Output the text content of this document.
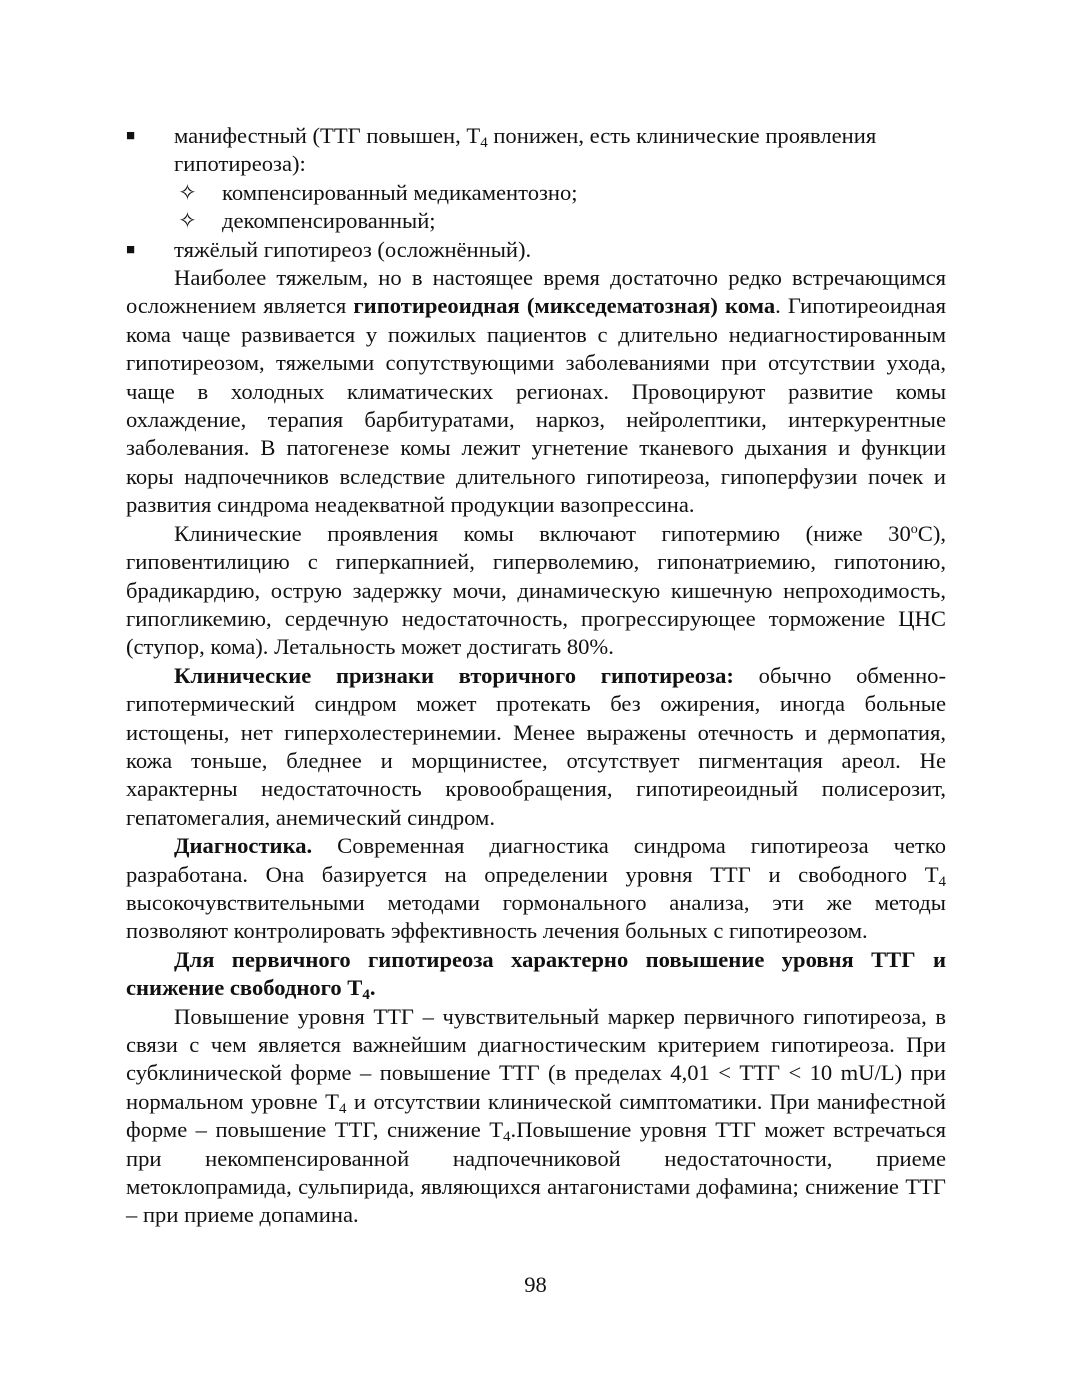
■	манифестный (ТТГ повышен, $Т_4$ понижен, есть клинические проявления гипотиреоза):
✧	компенсированный медикаментозно;
✧	декомпенсированный;
■	тяжёлый гипотиреоз (осложнённый).

Наиболее тяжелым, но в настоящее время достаточно редко встречающимся осложнением является гипотиреоидная (микседематозная) кома. Гипотиреоидная кома чаще развивается у пожилых пациентов с длительно недиагностированным гипотиреозом, тяжелыми сопутствующими заболеваниями при отсутствии ухода, чаще в холодных климатических регионах. Провоцируют развитие комы охлаждение, терапия барбитуратами, наркоз, нейролептики, интеркурентные заболевания. В патогенезе комы лежит угнетение тканевого дыхания и функции коры надпочечников вследствие длительного гипотиреоза, гипоперфузии почек и развития синдрома неадекватной продукции вазопрессина.

Клинические проявления комы включают гипотермию (ниже 30$^o$С), гиповентилицию с гиперкапнией, гиперволемию, гипонатриемию, гипотонию, брадикардию, острую задержку мочи, динамическую кишечную непроходимость, гипогликемию, сердечную недостаточность, прогрессирующее торможение ЦНС (ступор, кома). Летальность может достигать 80%.

Клинические признаки вторичного гипотиреоза: обычно обменно-гипотермический синдром может протекать без ожирения, иногда больные истощены, нет гиперхолестеринемии. Менее выражены отечность и дермопатия, кожа тоньше, бледнее и морщинистее, отсутствует пигментация ареол. Не характерны недостаточность кровообращения, гипотиреоидный полисерозит, гепатомегалия, анемический синдром.

Диагностика. Современная диагностика синдрома гипотиреоза четко разработана. Она базируется на определении уровня ТТГ и свободного $Т_4$ высокочувствительными методами гормонального анализа, эти же методы позволяют контролировать эффективность лечения больных с гипотиреозом.

Для первичного гипотиреоза характерно повышение уровня ТТГ и снижение свободного $Т_4$.

Повышение уровня ТТГ – чувствительный маркер первичного гипотиреоза, в связи с чем является важнейшим диагностическим критерием гипотиреоза. При субклинической форме – повышение ТТГ (в пределах 4,01 < ТТГ < 10 mU/L) при нормальном уровне $Т_4$ и отсутствии клинической симптоматики. При манифестной форме – повышение ТТГ, снижение $Т_4.Повышение$ уровня ТТГ может встречаться при некомпенсированной надпочечниковой недостаточности, приеме метоклопрамида, сульпирида, являющихся антагонистами дофамина; снижение ТТГ – при приеме допамина.

98
